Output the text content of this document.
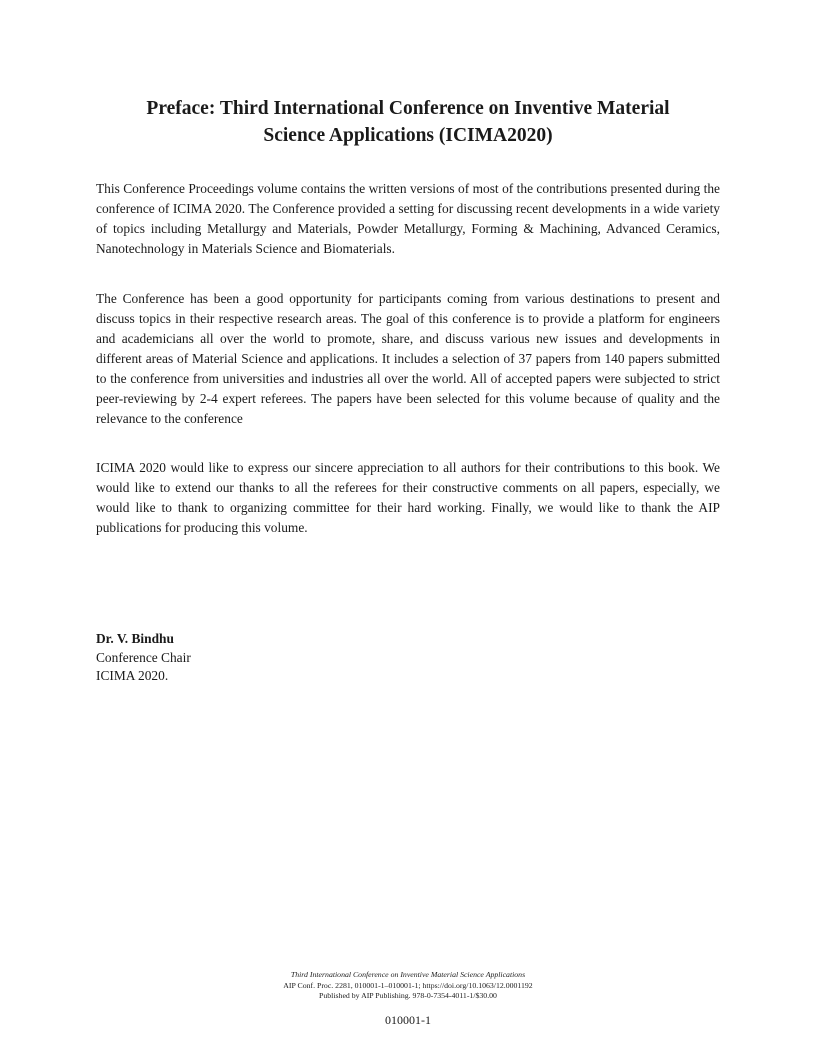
Preface: Third International Conference on Inventive Material
Science Applications (ICIMA2020)

This Conference Proceedings volume contains the written versions of most of the contributions presented during the conference of ICIMA 2020. The Conference provided a setting for discussing recent developments in a wide variety of topics including Metallurgy and Materials, Powder Metallurgy, Forming & Machining, Advanced Ceramics, Nanotechnology in Materials Science and Biomaterials.

The Conference has been a good opportunity for participants coming from various destinations to present and discuss topics in their respective research areas. The goal of this conference is to provide a platform for engineers and academicians all over the world to promote, share, and discuss various new issues and developments in different areas of Material Science and applications. It includes a selection of 37 papers from 140 papers submitted to the conference from universities and industries all over the world. All of accepted papers were subjected to strict peer-reviewing by 2-4 expert referees. The papers have been selected for this volume because of quality and the relevance to the conference

ICIMA 2020 would like to express our sincere appreciation to all authors for their contributions to this book. We would like to extend our thanks to all the referees for their constructive comments on all papers, especially, we would like to thank to organizing committee for their hard working. Finally, we would like to thank the AIP publications for producing this volume.

Dr. V. Bindhu
Conference Chair
ICIMA 2020.
Third International Conference on Inventive Material Science Applications
AIP Conf. Proc. 2281, 010001-1–010001-1; https://doi.org/10.1063/12.0001192
Published by AIP Publishing. 978-0-7354-4011-1/$30.00
010001-1
